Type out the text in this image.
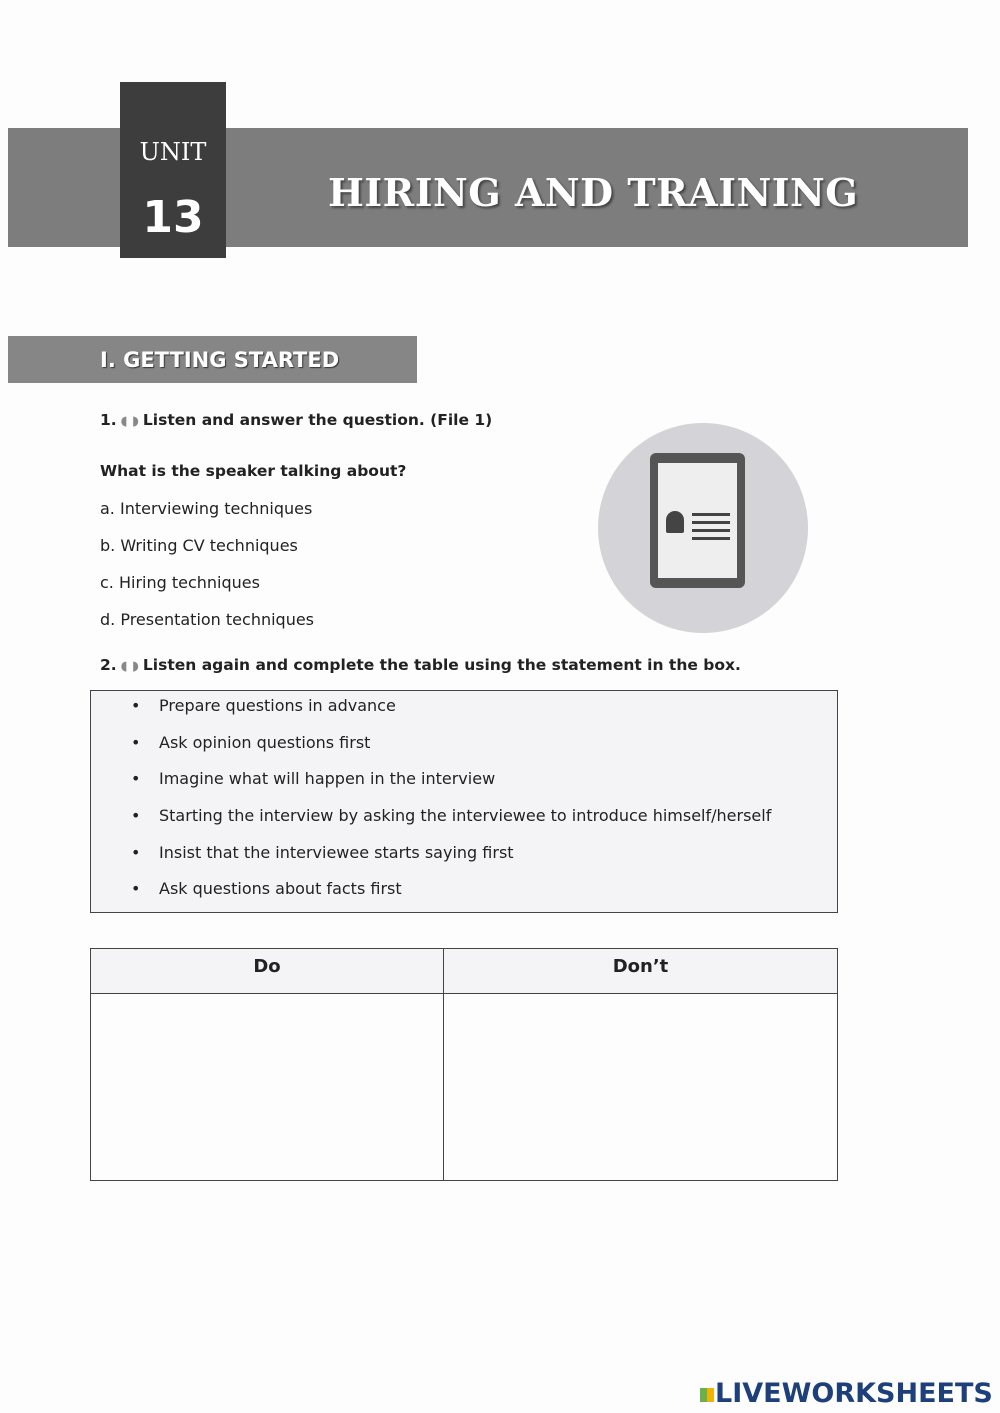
UNIT
13	HIRING AND TRAINING
I. GETTING STARTED
1. ◖ ◗ Listen and answer the question. (File 1)
What is the speaker talking about?
a. Interviewing techniques
b. Writing CV techniques
c. Hiring techniques
d. Presentation techniques
2. ◖ ◗ Listen again and complete the table using the statement in the box.
• Prepare questions in advance
• Ask opinion questions first
• Imagine what will happen in the interview
• Starting the interview by asking the interviewee to introduce himself/herself
• Insist that the interviewee starts saying first
• Ask questions about facts first
Do	Don’t
LIVEWORKSHEETS
